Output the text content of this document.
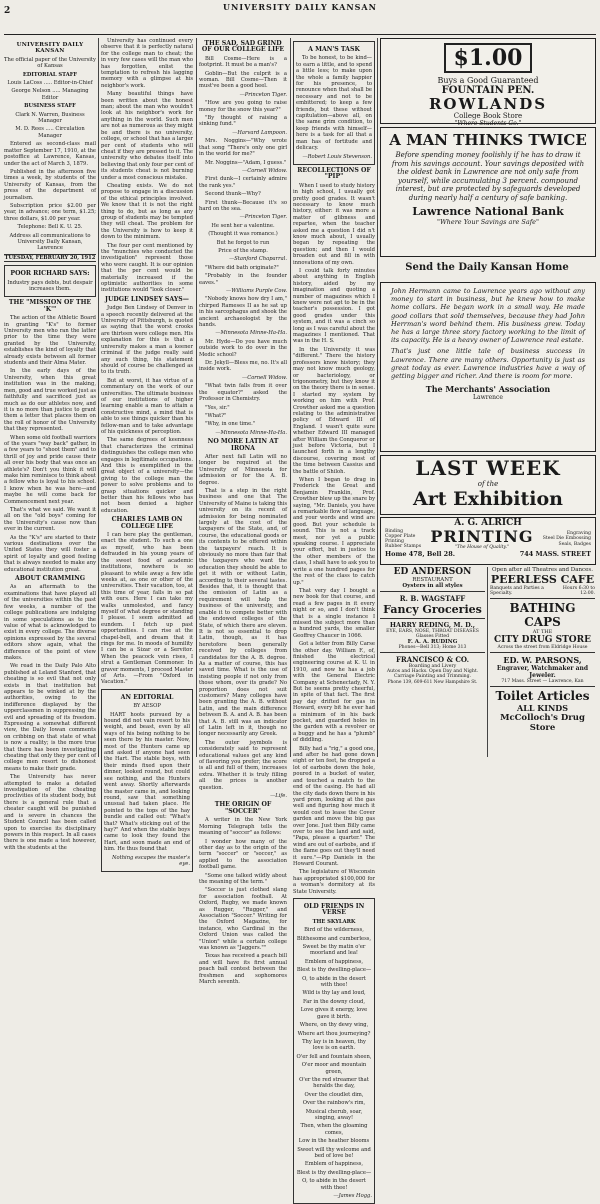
2	UNIVERSITY DAILY KANSAN
UNIVERSITY DAILY KANSAN

The official paper of the University of Kansas

EDITORIAL STAFF

Louis LaCoss ..... Editor-in-Chief

George Nelson ..... Managing Editor

BUSINESS STAFF

Clark N. Warren, Business Manager

M. D. Rees ..... Circulation Manager

Entered as second-class mail matter September 17, 1910, at the postoffice at Lawrence, Kansas, under the act of March 3, 1879.

Published in the afternoon five times a week, by students of the University of Kansas, from the press of the department of journalism.

Subscription price $2.00 per year, in advance; one term, $1.25; three dollars, $1.00 per year.

Telephone: Bell K. U. 25.

Address all communications to University Daily Kansan, Lawrence

TUESDAY, FEBRUARY 20, 1912

POOR RICHARD SAYS:

Industry pays debts, but despair increases them.

THE "MISSION OF THE 'K'"

The action of the Athletic Board in granting "K's" to former University men who ran the latter prior to the time they were granted by the University, establishes the kind of loyalty that already exists between all former students and their Alma Mater.

In the early days of the University, when this great institution was in the making, men, good and true worked just as faithfully and sacrificed just as much as do our athletes now, and it is no more than justice to grant them a letter that places them on the roll of honor of the University that they represented.

When some old football warriors of the years "way back" gather, in a few years to "shoot them" and to thrill of joy and pride cause their all over his body that was once an athlete's? Don't you think it will make him reminisce to think about a fellow who is loyal to his school. I know when he was here—and maybe he will come back for Commencement next year.

That's what we said. We want it all on the "old boys" coming for the University's cause now than ever in the current.

As the "K's" are started to their various destinations over the United States they will foster a spirit of loyalty and good feeling that is always needed to make any educational institution great.

ABOUT CRAMMING

As an aftermath to the examinations that have played all of the universities within the past few weeks, a number of the college publications are indulging in some speculations as to the value of what is acknowledged to exist in every college. The diverse opinions expressed by the several editors show again, what the difference of the point of view makes.

We read in the Daily Palo Alto published at Leland Stanford, that cheating is so evil that not only exists in that institution but appears to be winked at by the authorities, owing to the indifference displayed by the upperclassmen in suppressing the evil and spreading of its freedom. Expressing a somewhat different view, the Daily Iowan comments on cribbing on that state of what is now a reality; is the more true that there has been investigating cheating that only they per cent of college men resort to dishonest means to make their grade.

The University has never attempted to make a detailed investigation of the cheating proclivities of its student body, but there is a general rule that a cheater caught will be punished and is severe in chances the Student Council has been called upon to exercise its disciplinary powers in this respect. In all cases there is one made a test however, with the students at the

University has continued every observe that it is perfectly natural for the college man to cheat; the in very few cases will the man who has forgotten, enlist the temptation to refresh his lagging memory with a glimpse at his neighbor's work.

Many beautiful things have been written about the honest man; about the man who wouldn't look at his neighbor's work for anything in the world. Such men are not as numerous as they might be and there is no university, college, or school that has a larger per cent of students who will cheat if they are pressed to it. The university who debates itself into believing that only four per cent of its students cheat is not burning under a most conscious mistake.

Cheating exists. We do not propose to engage in a discussion of the ethical principles involved. We know that it is not the right thing to do, but as long as any group of students may be tempted they will cheat. The problem for the University is how to keep it down to the minimum.

The four per cent mentioned by the "munchies who conducted the investigation" represent those who were caught. It is our opinion that the per cent would be materially increased if the optimistic authorities in some institutions would "look closer."

JUDGE LINDSEY SAYS—

Judge Ben Lindsey of Denver in a speech recently delivered at the University of Pittsburgh, is quoted as saying that the worst crooks are thirteen were college men. His explanation for this is that a university makes a man a keener criminal if the judge really said any such thing, his statement should of course be challenged as to its truth.

But at worst, it has virtue of a commentary on the work of our universities. The ultimate business of our institutions of higher learning enable a man to attain a constructive mind, a mind that is able to see things quicker than his fellow-man and to take advantage of his quickness of perception.

The same degrees of keenness that characterizes the criminal distinguishes the college men who engages in legitimate occupations. And this is exemplified in the great object of a university—the giving to the college man the power to solve problems and to grasp situations quicker and better than his fellows who has not been denied a higher education.

CHARLES LAMB ON COLLEGE LIFE

I can here play the gentleman, enact the student. To such a one as myself, who has been defrauded in his young years of the sweet food of academic institutions, nowhere is so pleasant to while away a few idle weeks at, as one or other of the universities. Their vacation, too, at this time of year, falls in so pat with ours. Here I can take my walks unmolested, and fancy myself of what degree or standing I please. I seem admitted ad eundem. I fetch up past opportunities. I can rise at the chapel-bell, and dream that it rings for me. In moods of humility I can be a Sizar or a Servitor. When the peacock vein rises, I strut a Gentleman Commoner. In graver moments, I proceed Master of Arts. —From "Oxford in Vacation."

AN EDITORIAL

BY AESOP

HART hoots pursued by a hound did not vain resort to his weight, and beast, even by all ways of his being nothing to be seen there by his master. Now, most of the Hunters came up and asked if anyone had seen the Hart. The stable boys, with their minds fixed upon their dinner, looked round, but could see nothing, and the Hunters went away. Shortly afterwards the master came in, and looking round, saw that something unusual had taken place. He pointed to the tops of the hay bundle and called out: "What's that? What's sticking out of the hay?" And when the stable boys came to look they found the Hart, and soon made an end of him. He thus found that

Nothing escapes the master's eye.

THE SAD, SAD GRIND OF OUR COLLEGE LIFE

Bill Cosme—Here is a footprint. It must be a man's?

Goblin—But the culprit is a woman. Bill Cosme—Then it must've been a good heel.

—Princeton Tiger.

"How are you going to raise money for the snow this year?"

"By thought of raising a sinking fund."

—Harvard Lampoon.

Mrs. Noggins—"Why wrote that song "There's only one girl in the world for me?"

Mr. Noggins—"Adam, I guess."

—Cornell Widow.

First dunk—I certainly admire the rank yes."

Second thunk—Why?

First thunk—Because it's so hard on the sea.

—Princeton Tiger.

He sent her a valentine.

(Thought it was romance.)

But he forgot to run

Price of the stamp.

—Stanford Chaparral.

"Where did bath originate?"

"Probably in the founder eaves."

—Williams Purple Cow.

"Nobody knows how dry I am," chirped Rameses II as he sat up in his sarcophagus and shook the ancient archaeologist by the hands.

—Minnesota Minne-Ha-Ha.

Mr. Hyde—Do you have much outside work to do over in the Medic school?

Dr. Jekyll—Bless me, no. It's all inside work.

—Cornell Widow.

"What twin falls from it over the equator?" asked the Professor in Chemistry.

"Yes, sir."

"What?"

"Why, in one time."

—Minnesota Minne-Ha-Ha.

NO MORE LATIN AT IRONA

After next fall Latin will no longer be required at the University of Minnesota for admission or for the A. B. degree.

That is a step in the right business and one that The University of Maine is taking this university on its recent of admission for being nominated largely at the cost of the taxpayers of the State, and, of course, the educational goods or its contents to be offered within the taxpayers' reach. It is obviously no more than fair that the taxpayers who want the education they should be able to get it with or without Latin, according to their several tastes. Besides that, it is thought that the omission of Latin as a requirement will help the business of the university, and enable it to compete better with the endowed colleges of the State, of which there are eleven. It is not so essential to drop Latin, though, as it has heretofore been generally received by colleges from candidates for the A. B. degree. As a matter of course, this has saved time. What is the use of insisting people if not only from those whom, over its grade? No proportion does not suit customers? Many colleges have been granting the A. B. without Latin, and the main difference between B. A. and A. B. has been that A. B. still was an indicator of Latin left in it, though no longer necessarily any Greek.

The outer jsymbols is considerately said to represent educational values get any kind of flavoring you prefer; the score is all and full of them, increases extra. Whether it is truly filling all the prices is another question.

—Life.

THE ORIGIN OF "SOCCER"

A writer in the New York Morning Telegraph tells the meaning of "soccer" as follows:

I wonder how many of the other day as to the origin of the term "soccer" or "soccer," as applied to the association football game.

"Some one talked wildly about the meaning of the term."

"Soccer is just clothed slang for association football. At Oxford, Rugby, we made known as Rugger, "Rugger," and Association "Soccer." Writing for the Oxford Magazine, for instance, who Cardinal in the Oxford Union was called the "Union" while a certain college was known as "Jaggers.""

Texas has received a peach bill and will have its first annual peach ball contest between the freshmen and sophomores March seventh.

A MAN'S TASK

To be honest, to be kind—to earn a little, and to spend a little less; to make upon the whole a family happier for his presence, to renounce when that shall be necessary and not to be embittered; to keep a few friends, but these without capitulation—above all, on the same grim condition, to keep friends with himself—here is a task for all that a man has of fortitude and delicacy.

—Robert Louis Stevenson.

RECOLLECTIONS OF "PIP"

When I used to study history in high school, I usually got pretty good grades. It wasn't necessary to know much history, either: it was more a matter of glibness and repartee, when the teacher asked me a question I did n't know much about, I usually began by repeating the question; and then I would broaden out and fill in with innovations of my own.

I could talk forty minutes about anything in English history, aided by my imagination and quoting a number of magazines which I knew were not apt to be in the teacher's possession. I got good grades under this system, and it was a cinch so long as I was careful about the magazines I mentioned. That was in the H. S.

In the University it was "different." There the history professors know history; they may not know much geology, or bacteriology, or trigonometry, but they know it on the theory there is in sense. I started my system by working on him with Prof. Crowther asked me a question relating to the administrative policy of Edward III of England. I wasn't quite sure whether Edward III managed after William the Conqueror or just before Victoria, but I launched forth in a lengthy discourse, covering most of the time between Cassius and the battle of Shiloh.

When I began to drag in Frederick the Great and Benjamin Franklin, Prof. Crowther blew up the snare by saying, "Mr. Daniels, you have a remarkable flow of language, and your words and wind are good. But your schedule is sound. This is not a track meet, nor yet a public speaking course. I appreciate your effort, but in justice to the other members of the class, I shall have to ask you to write a one hundred pages for the rest of the class to catch up."

That very day I bought a new book for that course, and read a few pages in it every night or so, and I don't think that is a single instance I missed the subject more than a hundred yards, the smaller Geoffrey Chaucer in 1066.

Got a letter from Billy Carse the other day. William F., of, finished the electrical engineering course at K. U. in 1910, and now he has a job with the General Electric Company at Schenectady, N. Y. But he seems pretty cheerful, in spite of that fact. The first pay day drifted for gas in Howard, every bit he ever had a minimum of in his back pocket, and guarded holes in the garden with a revolver or a buggy and he has a "plumb" of diddling.

Billy had a "rig," a good one, and after he had gone down eight or ten feet, he dropped a lot of earbobs down the hole, poured in a bucket of water, and touched a match to the end of the casing. He had all the city dads down there in his yard prom, looking at the gas well and figuring how much it would cost to lease the Cover garden and move the big gas over Jone. Just then Billy came over to see the land and said, "Papa, please a quarter." The wind are out of earbobs, and if the flame goes out they'll need it sure."—Pip Daniels in the Howard Courant.

The legislature of Wisconsin has appropriated $100,000 for a woman's dormitory at its State University.

OLD FRIENDS IN VERSE

THE SKYLARK

Bird of the wilderness,

Blithesome and cumberless,

Sweet be thy matin o'er moorland and lea!

Emblem of happiness,

Blest is thy dwelling-place—

O, to abide in the desert with thee!

Wild is thy lay and loud,

Far in the downy cloud,

Love gives it energy, love gave it birth.

Where, on thy dewy wing,

Where art thou journeying?

Thy lay is in heaven, thy love is on earth.

O'er fell and fountain sheen,

O'er moor and mountain green,

O'er the red streamer that heralds the day,

Over the cloudlet dim,

Over the rainbow's rim,

Musical cherub, soar, singing, away!

Then, when the gloaming comes,

Low in the heather blooms

Sweet will thy welcome and bed of love be!

Emblem of happiness,

Blest is thy dwelling-place—

O, to abide in the desert with thee!

—James Hogg.

$1.00
Buys a Good Guaranteed
FOUNTAIN PEN.
ROWLANDS
College Book Store
"Where Students Go."
A MAN THINKS TWICE
Before spending money foolishly if he has to draw it from his savings account. Your savings deposited with the oldest bank in Lawrence are not only safe from yourself, while accumulating 3 percent. compound interest, but are protected by safeguards developed during nearly half a century of safe banking.
Lawrence National Bank
"Where Your Savings are Safe"
Send the Daily Kansan Home
John Hermann came to Lawrence years ago without any money to start in business, but he knew how to make home collars. He began work in a small way. He made good collars that sold themselves, because they had John Herrman's word behind them. His business grew. Today he has a large three story factory working to the limit of its capacity. He is a heavy owner of Lawrence real estate.
That's just one little tale of business success in Lawrence. There are many others. Opportunity is just as great today as ever. Lawrence industries have a way of getting bigger and richer. And there is room for more.
The Merchants' Association
Lawrence
LAST WEEK
of the
Art Exhibition
A. G. ALRICH
Binding
Copper Plate
Printing
Rubber Stamps
PRINTING
"The House of Quality."
Engraving
Steel Die Embossing
Seals, Badges
Home 478, Bell 28.	744 MASS. STREET
ED ANDERSON
RESTAURANT
Oysters in all styles
R. B. WAGSTAFF
Fancy Groceries
HARRY REDING, M. D.,
EYE, EARS, NOSE, THROAT DISEASES
Glasses Fitted
F. A. A. RUDING
Phones—Bell 313; Home 313
FRANCISCO & CO.
Boarding and Livery
Autos and Hacks. Open Day and Night. Carriage Painting and Trimming.
Phone 139, 609-611 New Hampshire St.
Open after all Theatres and Dances.
PEERLESS CAFE
Banquets and Parties a Specialty.
Hours 6:30 to 12:00.
BATHING CAPS
AT THE
CITY DRUG STORE
Across the street from Eldridge House
ED. W. PARSONS,
Engraver, Watchmaker and Jeweler.
717 Mass. Street — Lawrence, Kan
Toilet Articles
ALL KINDS
McColloch's Drug Store
